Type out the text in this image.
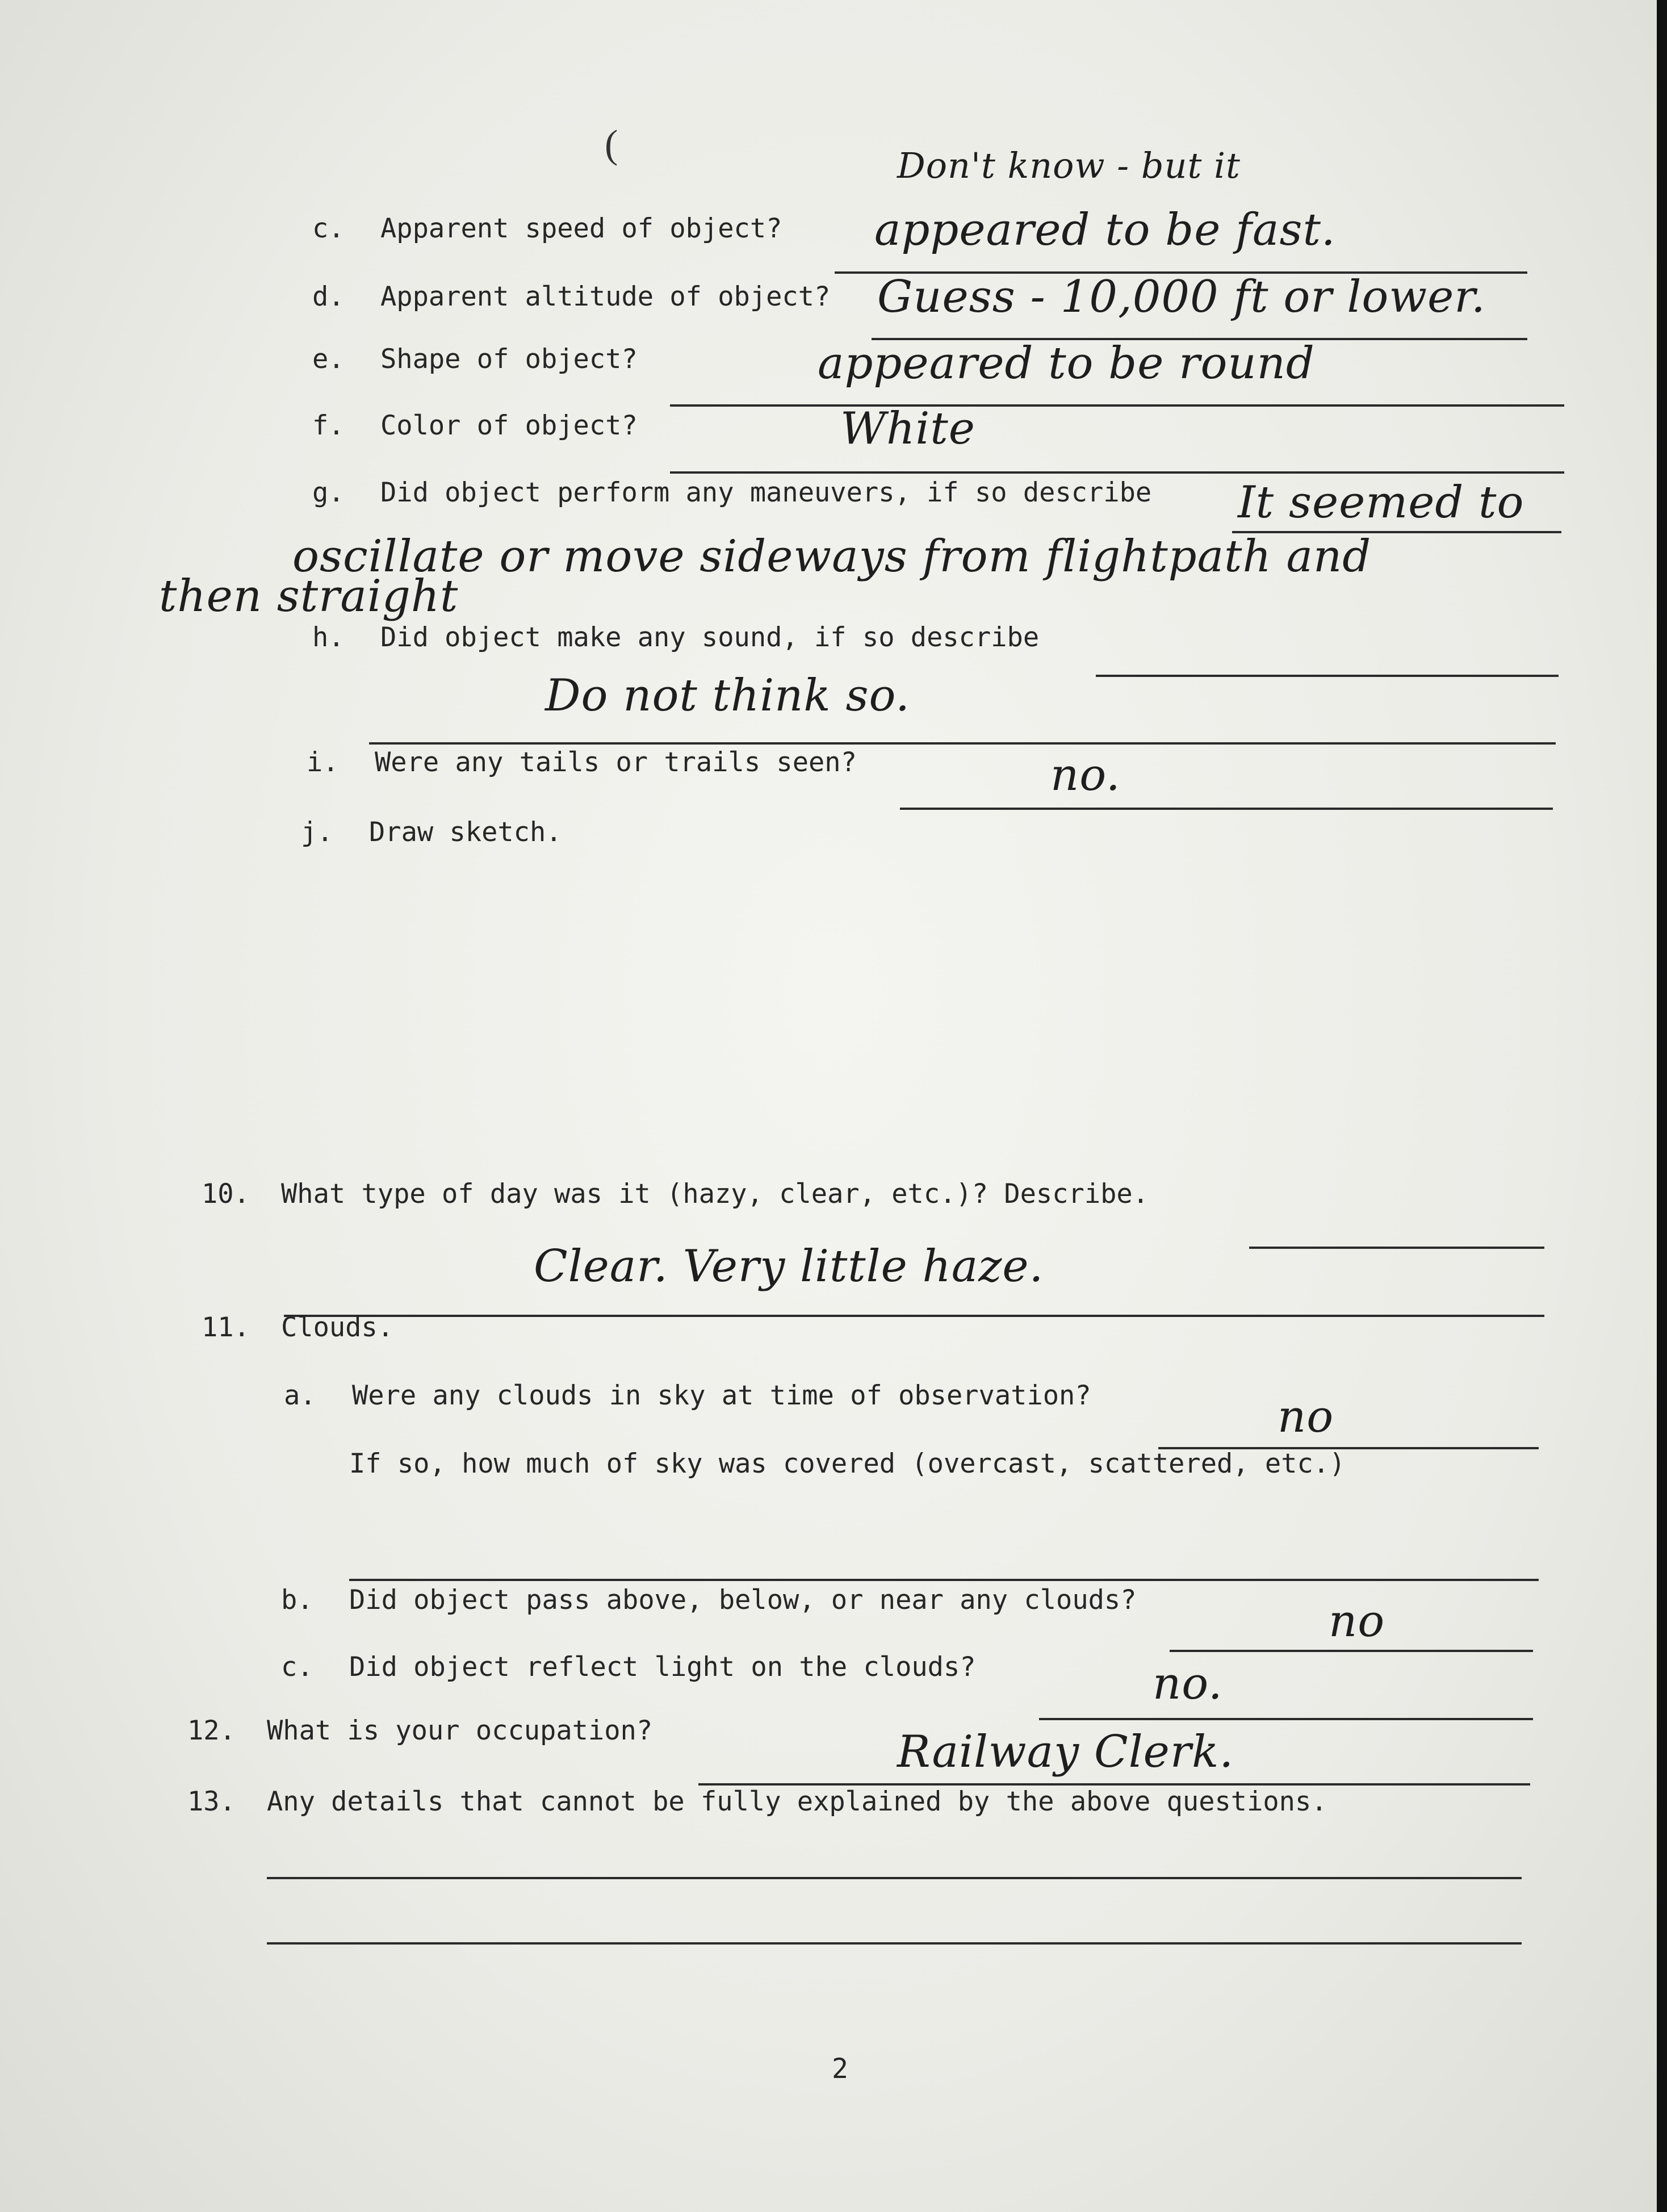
(	Don't know - but it
c. Apparent speed of object? appeared to be fast.
d. Apparent altitude of object? Guess - 10,000 ft or lower.
e. Shape of object?	appeared to be round
f. Color of object?	White
g. Did object perform any maneuvers, if so describe It seemed to
oscillate or move sideways from flightpath and
then straight
h. Did object make any sound, if so describe
Do not think so.
i. Were any tails or trails seen?	no.
j. Draw sketch.
10. What type of day was it (hazy, clear, etc.)? Describe.
Clear. Very little haze.
11. Clouds.
a. Were any clouds in sky at time of observation?	no
If so, how much of sky was covered (overcast, scattered, etc.)
b. Did object pass above, below, or near any clouds?	no
c. Did object reflect light on the clouds?	no.
12. What is your occupation?	Railway Clerk.
13. Any details that cannot be fully explained by the above questions.
2
